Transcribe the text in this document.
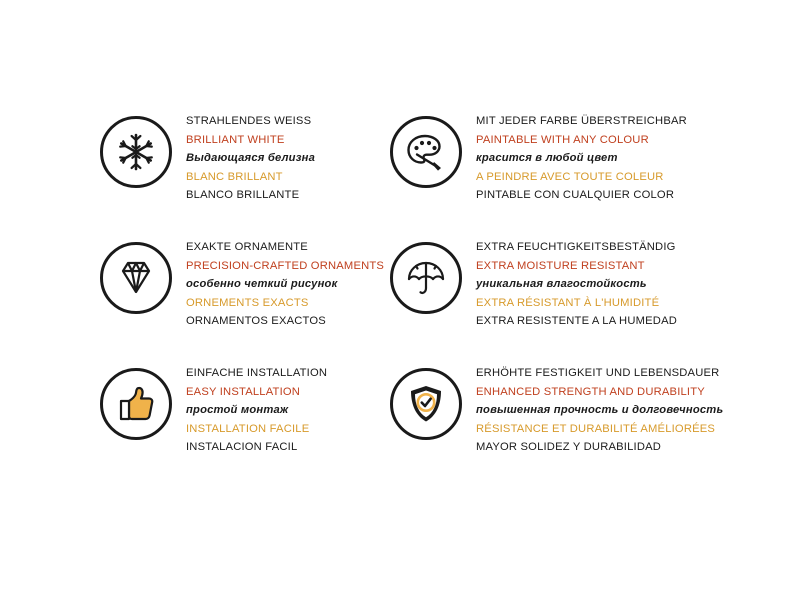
STRAHLENDES WEISS
BRILLIANT WHITE
Выдающаяся белизна
BLANC BRILLANT
BLANCO BRILLANTE
MIT JEDER FARBE ÜBERSTREICHBAR
PAINTABLE WITH ANY COLOUR
красится в любой цвет
A PEINDRE AVEC TOUTE COLEUR
PINTABLE CON CUALQUIER COLOR
EXAKTE ORNAMENTE
PRECISION-CRAFTED ORNAMENTS
особенно четкий рисунок
ORNEMENTS EXACTS
ORNAMENTOS EXACTOS
EXTRA FEUCHTIGKEITSBESTÄNDIG
EXTRA MOISTURE RESISTANT
уникальная влагостойкость
EXTRA RÉSISTANT À L'HUMIDITÉ
EXTRA RESISTENTE A LA HUMEDAD
EINFACHE INSTALLATION
EASY INSTALLATION
простой монтаж
INSTALLATION FACILE
INSTALACION FACIL
ERHÖHTE FESTIGKEIT UND LEBENSDAUER
ENHANCED STRENGTH AND DURABILITY
повышенная прочность и долговечность
RÉSISTANCE ET DURABILITÉ AMÉLIORÉES
MAYOR SOLIDEZ Y DURABILIDAD
